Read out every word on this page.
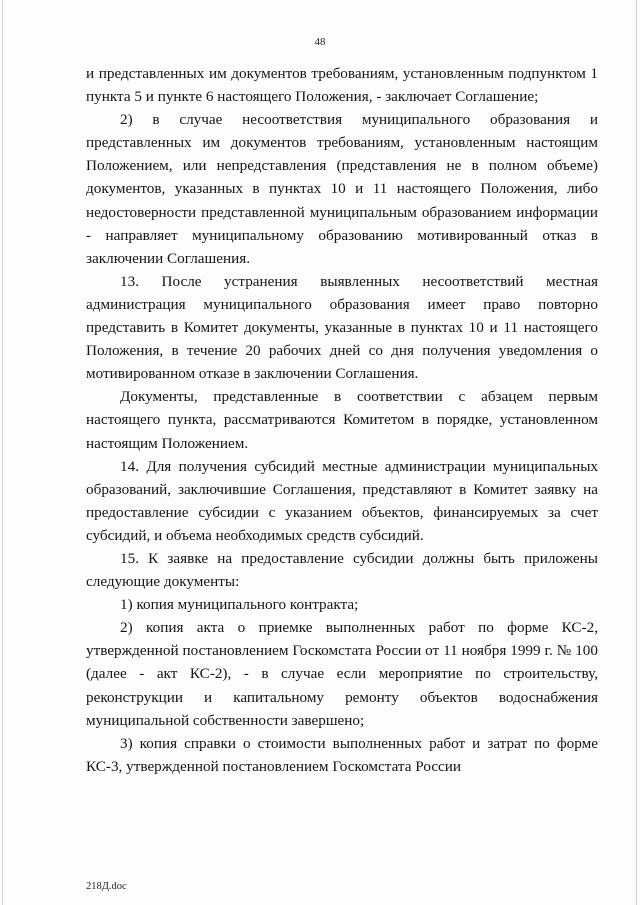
48

и представленных им документов требованиям, установленным подпунктом 1 пункта 5 и пункте 6 настоящего Положения, - заключает Соглашение;

2) в случае несоответствия муниципального образования и представленных им документов требованиям, установленным настоящим Положением, или непредставления (представления не в полном объеме) документов, указанных в пунктах 10 и 11 настоящего Положения, либо недостоверности представленной муниципальным образованием информации - направляет муниципальному образованию мотивированный отказ в заключении Соглашения.

13. После устранения выявленных несоответствий местная администрация муниципального образования имеет право повторно представить в Комитет документы, указанные в пунктах 10 и 11 настоящего Положения, в течение 20 рабочих дней со дня получения уведомления о мотивированном отказе в заключении Соглашения.

Документы, представленные в соответствии с абзацем первым настоящего пункта, рассматриваются Комитетом в порядке, установленном настоящим Положением.

14. Для получения субсидий местные администрации муниципальных образований, заключившие Соглашения, представляют в Комитет заявку на предоставление субсидии с указанием объектов, финансируемых за счет субсидий, и объема необходимых средств субсидий.

15. К заявке на предоставление субсидии должны быть приложены следующие документы:

1) копия муниципального контракта;

2) копия акта о приемке выполненных работ по форме КС-2, утвержденной постановлением Госкомстата России от 11 ноября 1999 г. № 100 (далее - акт КС-2), - в случае если мероприятие по строительству, реконструкции и капитальному ремонту объектов водоснабжения муниципальной собственности завершено;

3) копия справки о стоимости выполненных работ и затрат по форме КС-3, утвержденной постановлением Госкомстата России

218Д.doc
